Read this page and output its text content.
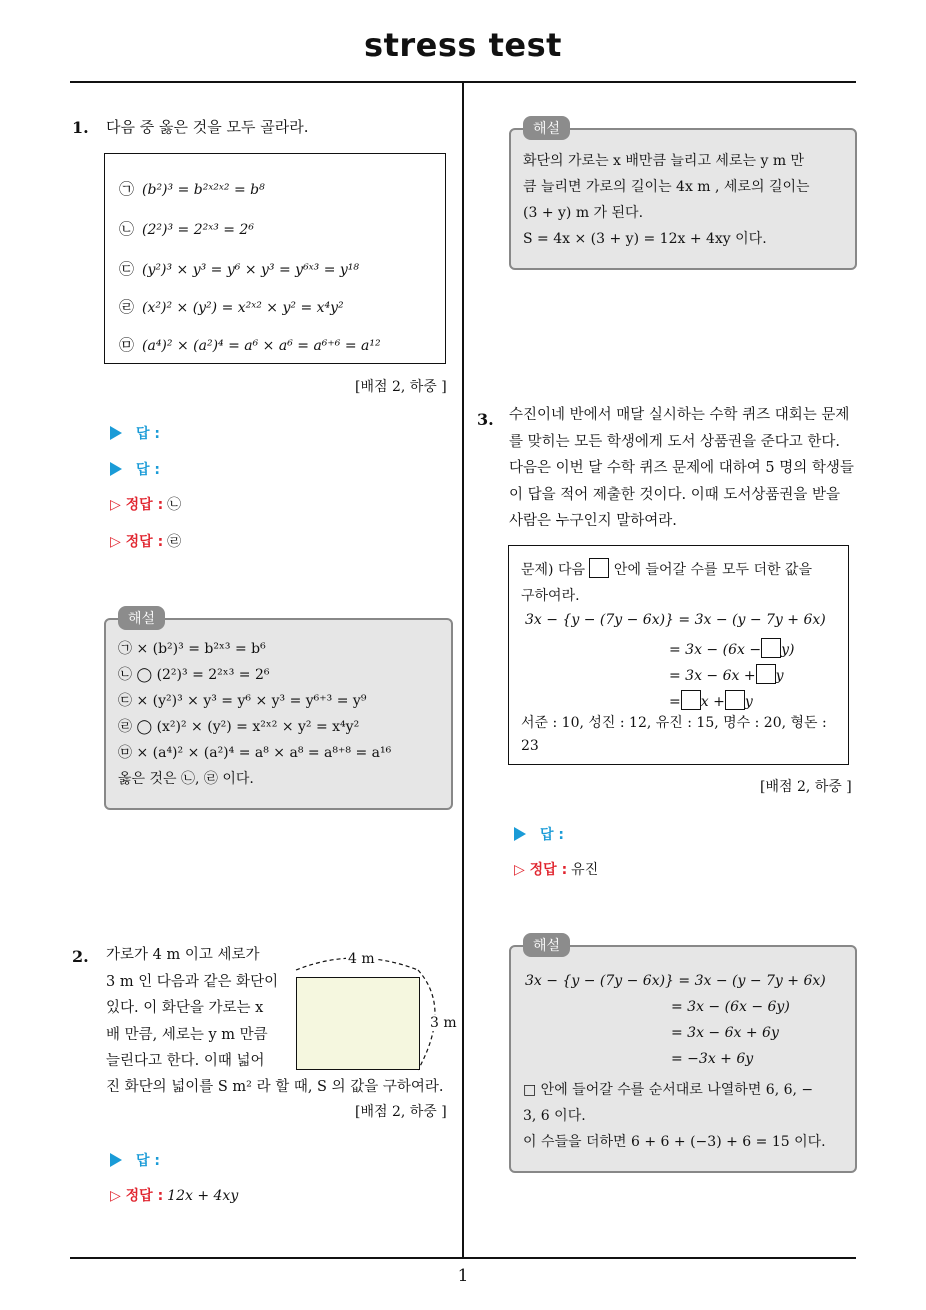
stress test
1
1. 다음 중 옳은 것을 모두 골라라.
㉠ (b²)³ = b²ˣ²ˣ² = b⁸
㉡ (2²)³ = 2²ˣ³ = 2⁶
㉢ (y²)³ × y³ = y⁶ × y³ = y⁶ˣ³ = y¹⁸
㉣ (x²)² × (y²) = x²ˣ² × y² = x⁴y²
㉤ (a⁴)² × (a²)⁴ = a⁶ × a⁶ = a⁶⁺⁶ = a¹²
[배점 2, 하중 ]
답 :
답 :
▷ 정답 : ㉡
▷ 정답 : ㉣
㉠ × (b²)³ = b²ˣ³ = b⁶
㉡ ◯ (2²)³ = 2²ˣ³ = 2⁶
㉢ × (y²)³ × y³ = y⁶ × y³ = y⁶⁺³ = y⁹
㉣ ◯ (x²)² × (y²) = x²ˣ² × y² = x⁴y²
㉤ × (a⁴)² × (a²)⁴ = a⁸ × a⁸ = a⁸⁺⁸ = a¹⁶
옳은 것은 ㉡, ㉣ 이다.
해설
2. 가로가 4 m 이고 세로가
3 m 인 다음과 같은 화단이
있다. 이 화단을 가로는 x
배 만큼, 세로는 y m 만큼
늘린다고 한다. 이때 넓어
진 화단의 넓이를 S m² 라 할 때, S 의 값을 구하여라.
4 m
3 m
[배점 2, 하중 ]
답 :
▷ 정답 : 12x + 4xy
화단의 가로는 x 배만큼 늘리고 세로는 y m 만
큼 늘리면 가로의 길이는 4x m , 세로의 길이는
(3 + y) m 가 된다.
S = 4x × (3 + y) = 12x + 4xy 이다.
해설
3. 수진이네 반에서 매달 실시하는 수학 퀴즈 대회는 문제
를 맞히는 모든 학생에게 도서 상품권을 준다고 한다.
다음은 이번 달 수학 퀴즈 문제에 대하여 5 명의 학생들
이 답을 적어 제출한 것이다. 이때 도서상품권을 받을
사람은 누구인지 말하여라.
문제) 다음 안에 들어갈 수를 모두 더한 값을
구하여라.
3x − {y − (7y − 6x)} = 3x − (y − 7y + 6x)
= 3x − (6x − y)
= 3x − 6x + y
= x + y
서준 : 10, 성진 : 12, 유진 : 15, 명수 : 20, 형돈 :
23
[배점 2, 하중 ]
답 :
▷ 정답 : 유진
3x − {y − (7y − 6x)} = 3x − (y − 7y + 6x)
= 3x − (6x − 6y)
= 3x − 6x + 6y
= −3x + 6y
□ 안에 들어갈 수를 순서대로 나열하면 6, 6, −
3, 6 이다.
이 수들을 더하면 6 + 6 + (−3) + 6 = 15 이다.
해설
